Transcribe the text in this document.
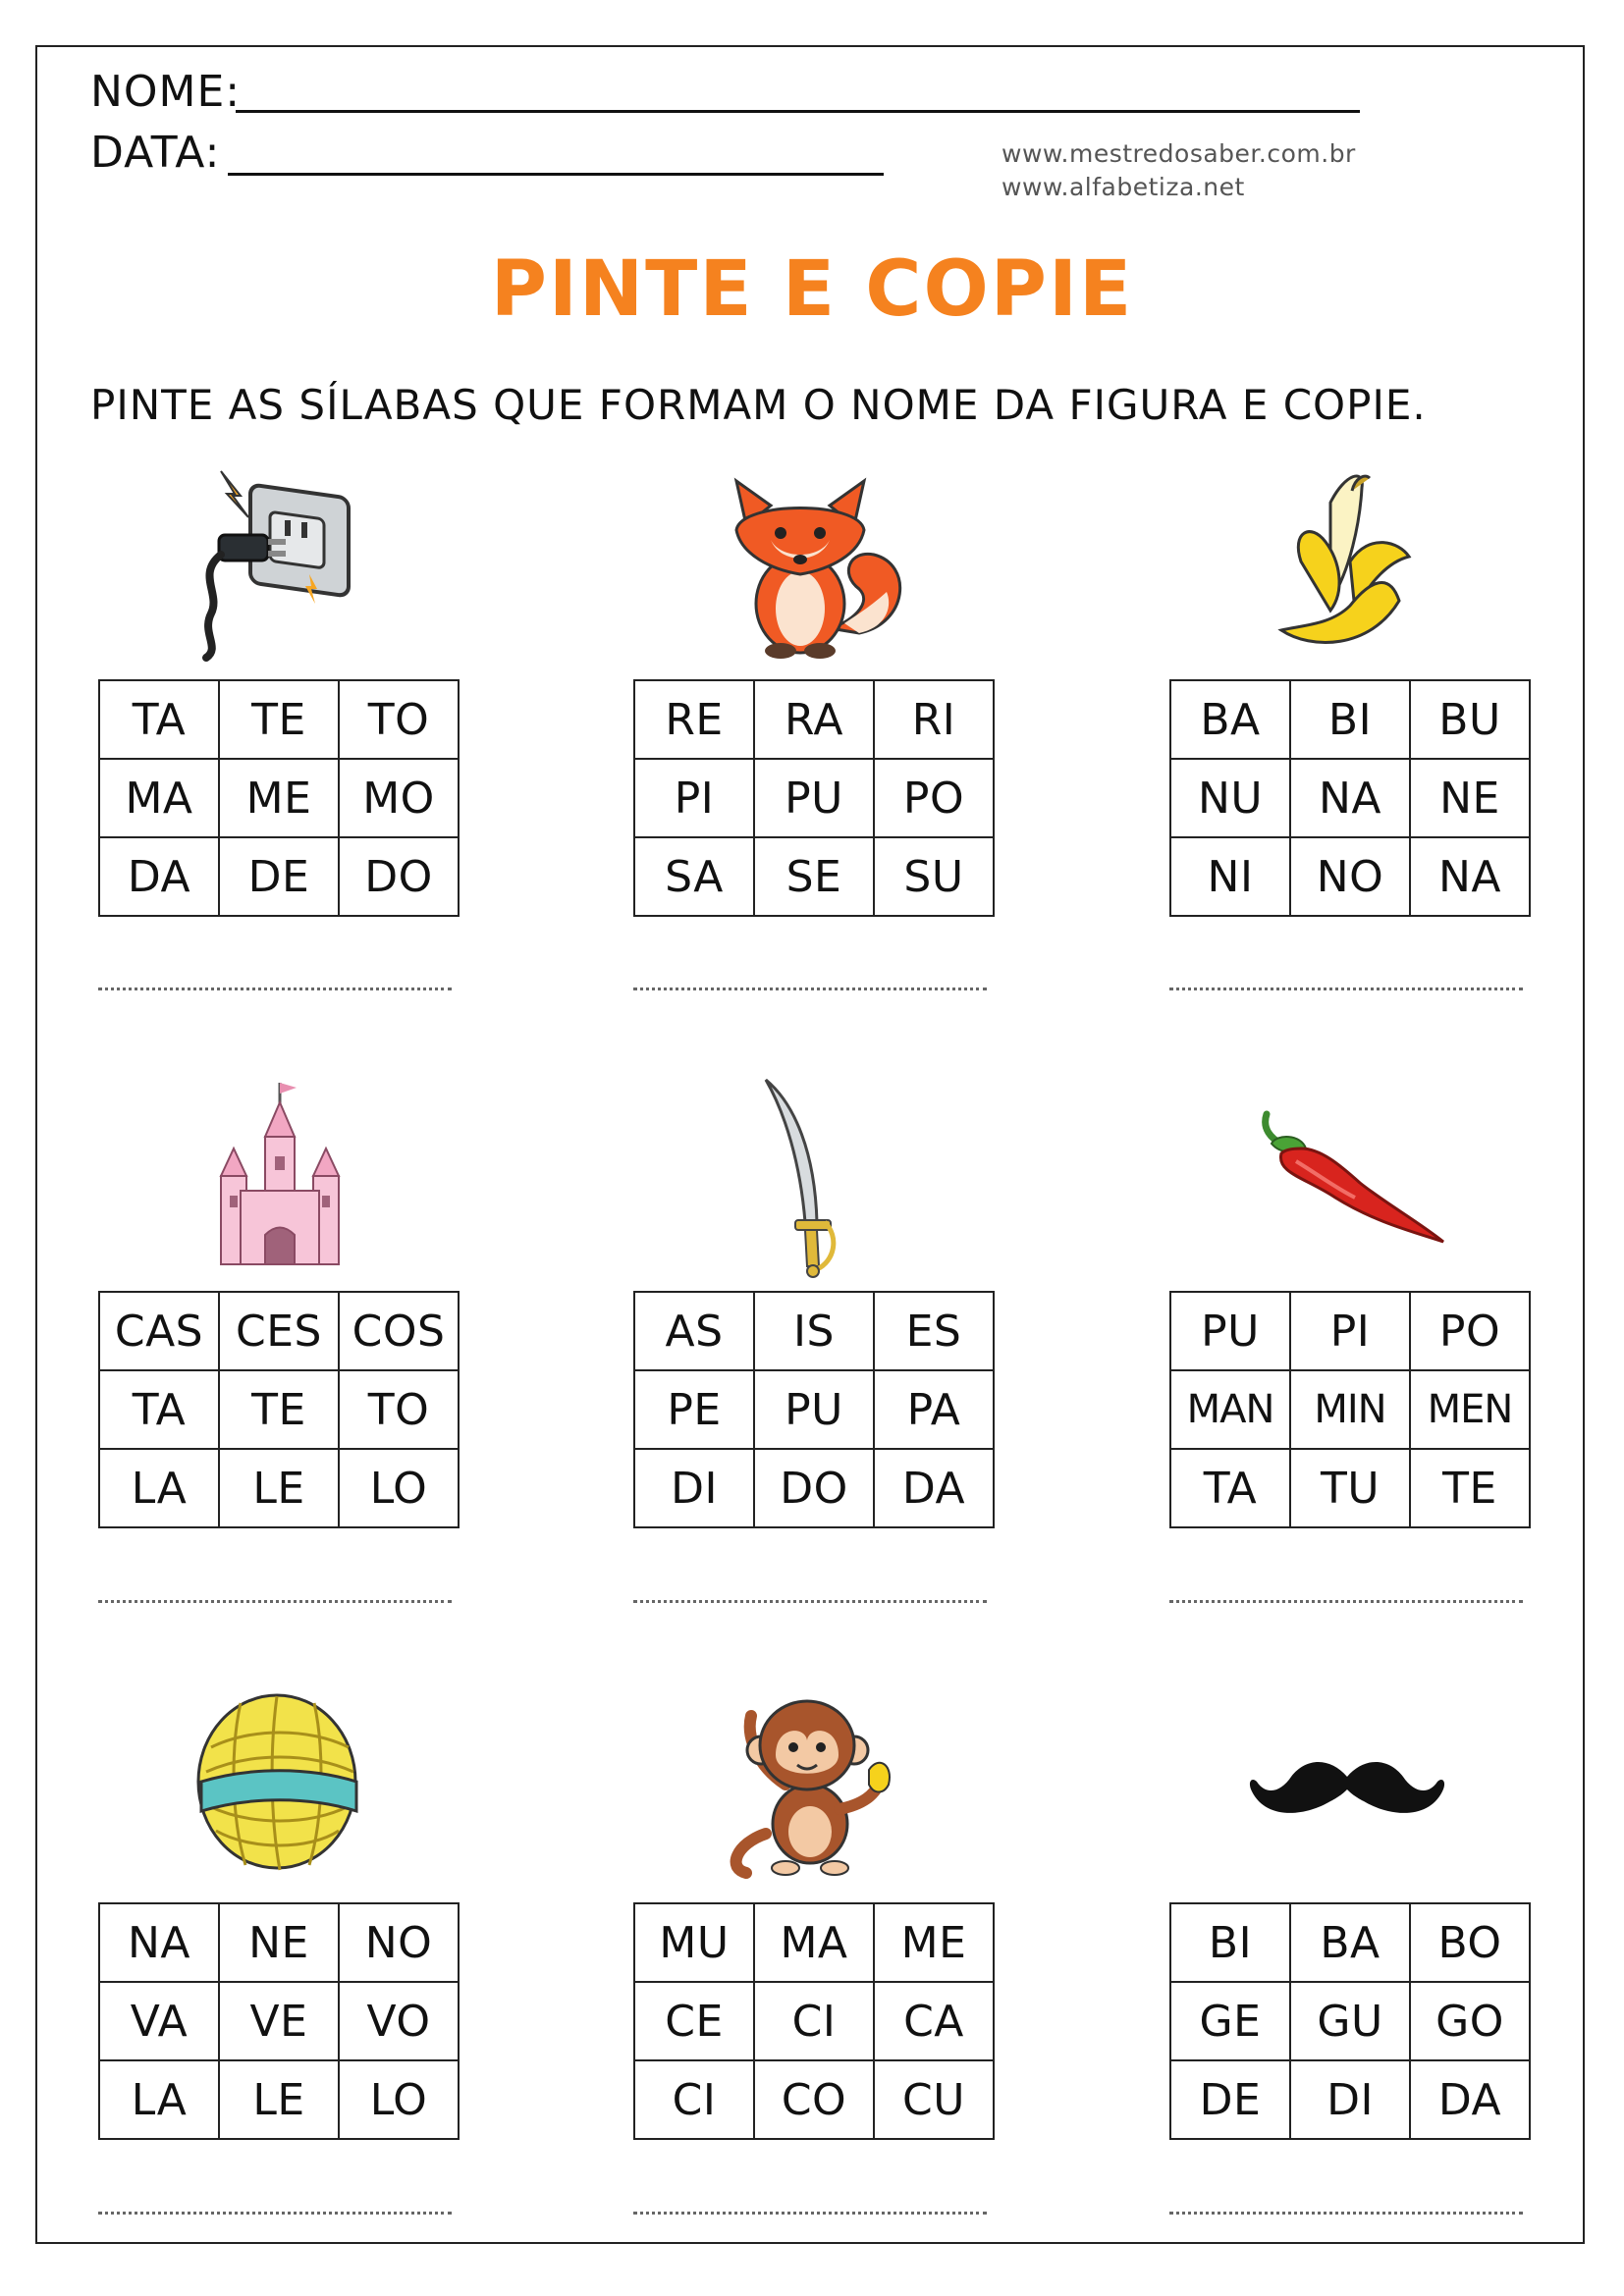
NOME:
DATA:	www.mestredosaber.com.br
www.alfabetiza.net
PINTE E COPIE
PINTE AS SÍLABAS QUE FORMAM O NOME DA FIGURA E COPIE.
TA	TE	TO
MA	ME	MO
DA	DE	DO
RE	RA	RI
PI	PU	PO
SA	SE	SU
BA	BI	BU
NU	NA	NE
NI	NO	NA
CAS	CES	COS
TA	TE	TO
LA	LE	LO
AS	IS	ES
PE	PU	PA
DI	DO	DA
PU	PI	PO
MAN	MIN	MEN
TA	TU	TE
NA	NE	NO
VA	VE	VO
LA	LE	LO
MU	MA	ME
CE	CI	CA
CI	CO	CU
BI	BA	BO
GE	GU	GO
DE	DI	DA
